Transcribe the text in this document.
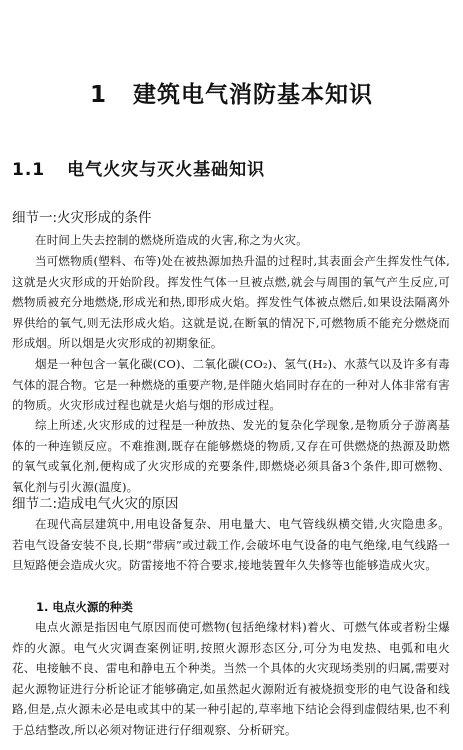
1 建筑电气消防基本知识
1.1 电气火灾与灭火基础知识
细节一:火灾形成的条件

在时间上失去控制的燃烧所造成的火害,称之为火灾。

当可燃物质(塑料、布等)处在被热源加热升温的过程时,其表面会产生挥发性气体,这就是火灾形成的开始阶段。挥发性气体一旦被点燃,就会与周围的氧气产生反应,可燃物质被充分地燃烧,形成光和热,即形成火焰。挥发性气体被点燃后,如果设法隔离外界供给的氧气,则无法形成火焰。这就是说,在断氧的情况下,可燃物质不能充分燃烧而形成烟。所以烟是火灾形成的初期象征。

烟是一种包含一氧化碳(CO)、二氧化碳(CO₂)、氢气(H₂)、水蒸气以及许多有毒气体的混合物。它是一种燃烧的重要产物,是伴随火焰同时存在的一种对人体非常有害的物质。火灾形成过程也就是火焰与烟的形成过程。

综上所述,火灾形成的过程是一种放热、发光的复杂化学现象,是物质分子游离基体的一种连锁反应。不难推测,既存在能够燃烧的物质,又存在可供燃烧的热源及助燃的氧气或氧化剂,便构成了火灾形成的充要条件,即燃烧必须具备3个条件,即可燃物、氧化剂与引火源(温度)。

细节二:造成电气火灾的原因

在现代高层建筑中,用电设备复杂、用电量大、电气管线纵横交错,火灾隐患多。若电气设备安装不良,长期“带病”或过载工作,会破坏电气设备的电气绝缘,电气线路一旦短路便会造成火灾。防雷接地不符合要求,接地装置年久失修等也能够造成火灾。

1. 电点火源的种类

电点火源是指因电气原因而使可燃物(包括绝缘材料)着火、可燃气体或者粉尘爆炸的火源。电气火灾调查案例证明,按照火源形态区分,可分为电发热、电弧和电火花、电接触不良、雷电和静电五个种类。当然一个具体的火灾现场类别的归属,需要对起火源物证进行分析论证才能够确定,如虽然起火源附近有被烧损变形的电气设备和线路,但是,点火源未必是电或其中的某一种引起的,草率地下结论会得到虚假结果,也不利于总结整改,所以必须对物证进行仔细观察、分析研究。
